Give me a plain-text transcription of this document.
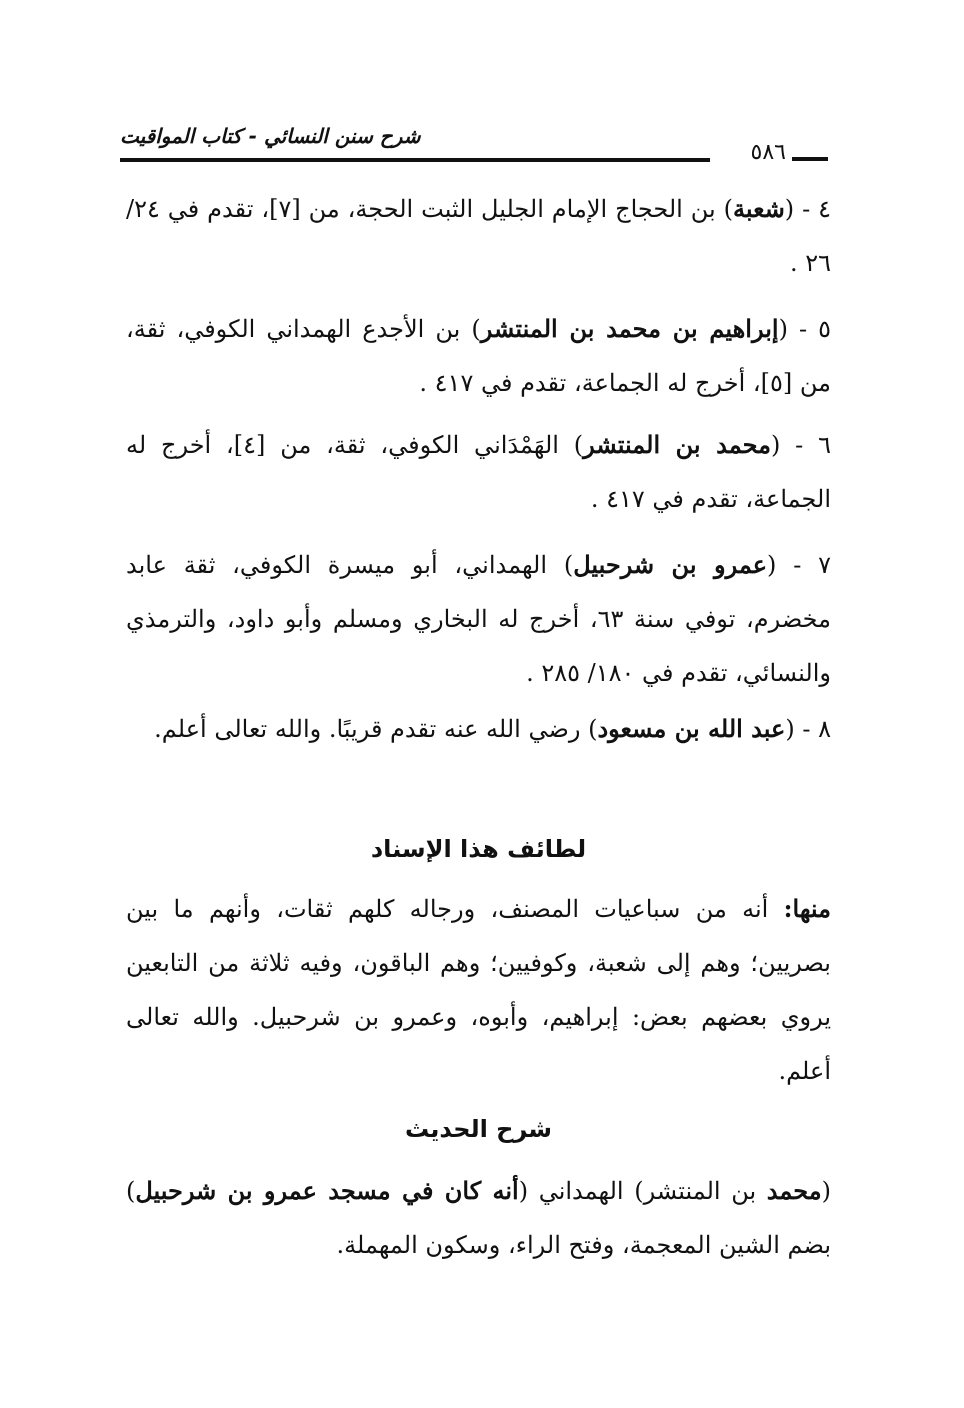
شرح سنن النسائي - كتاب المواقيت
٥٨٦
٤ - (شعبة) بن الحجاج الإمام الجليل الثبت الحجة، من [٧]، تقدم في ٢٤/ ٢٦ .
٥ - (إبراهيم بن محمد بن المنتشر) بن الأجدع الهمداني الكوفي، ثقة، من [٥]، أخرج له الجماعة، تقدم في ٤١٧ .
٦ - (محمد بن المنتشر) الهَمْدَاني الكوفي، ثقة، من [٤]، أخرج له الجماعة، تقدم في ٤١٧ .
٧ - (عمرو بن شرحبيل) الهمداني، أبو ميسرة الكوفي، ثقة عابد مخضرم، توفي سنة ٦٣، أخرج له البخاري ومسلم وأبو داود، والترمذي والنسائي، تقدم في ١٨٠/ ٢٨٥ .
٨ - (عبد الله بن مسعود) رضي الله عنه تقدم قريبًا. والله تعالى أعلم.
لطائف هذا الإسناد
منها: أنه من سباعيات المصنف، ورجاله كلهم ثقات، وأنهم ما بين بصريين؛ وهم إلى شعبة، وكوفيين؛ وهم الباقون، وفيه ثلاثة من التابعين يروي بعضهم بعض: إبراهيم، وأبوه، وعمرو بن شرحبيل. والله تعالى أعلم.
شرح الحديث
(محمد بن المنتشر) الهمداني (أنه كان في مسجد عمرو بن شرحبيل) بضم الشين المعجمة، وفتح الراء، وسكون المهملة.
